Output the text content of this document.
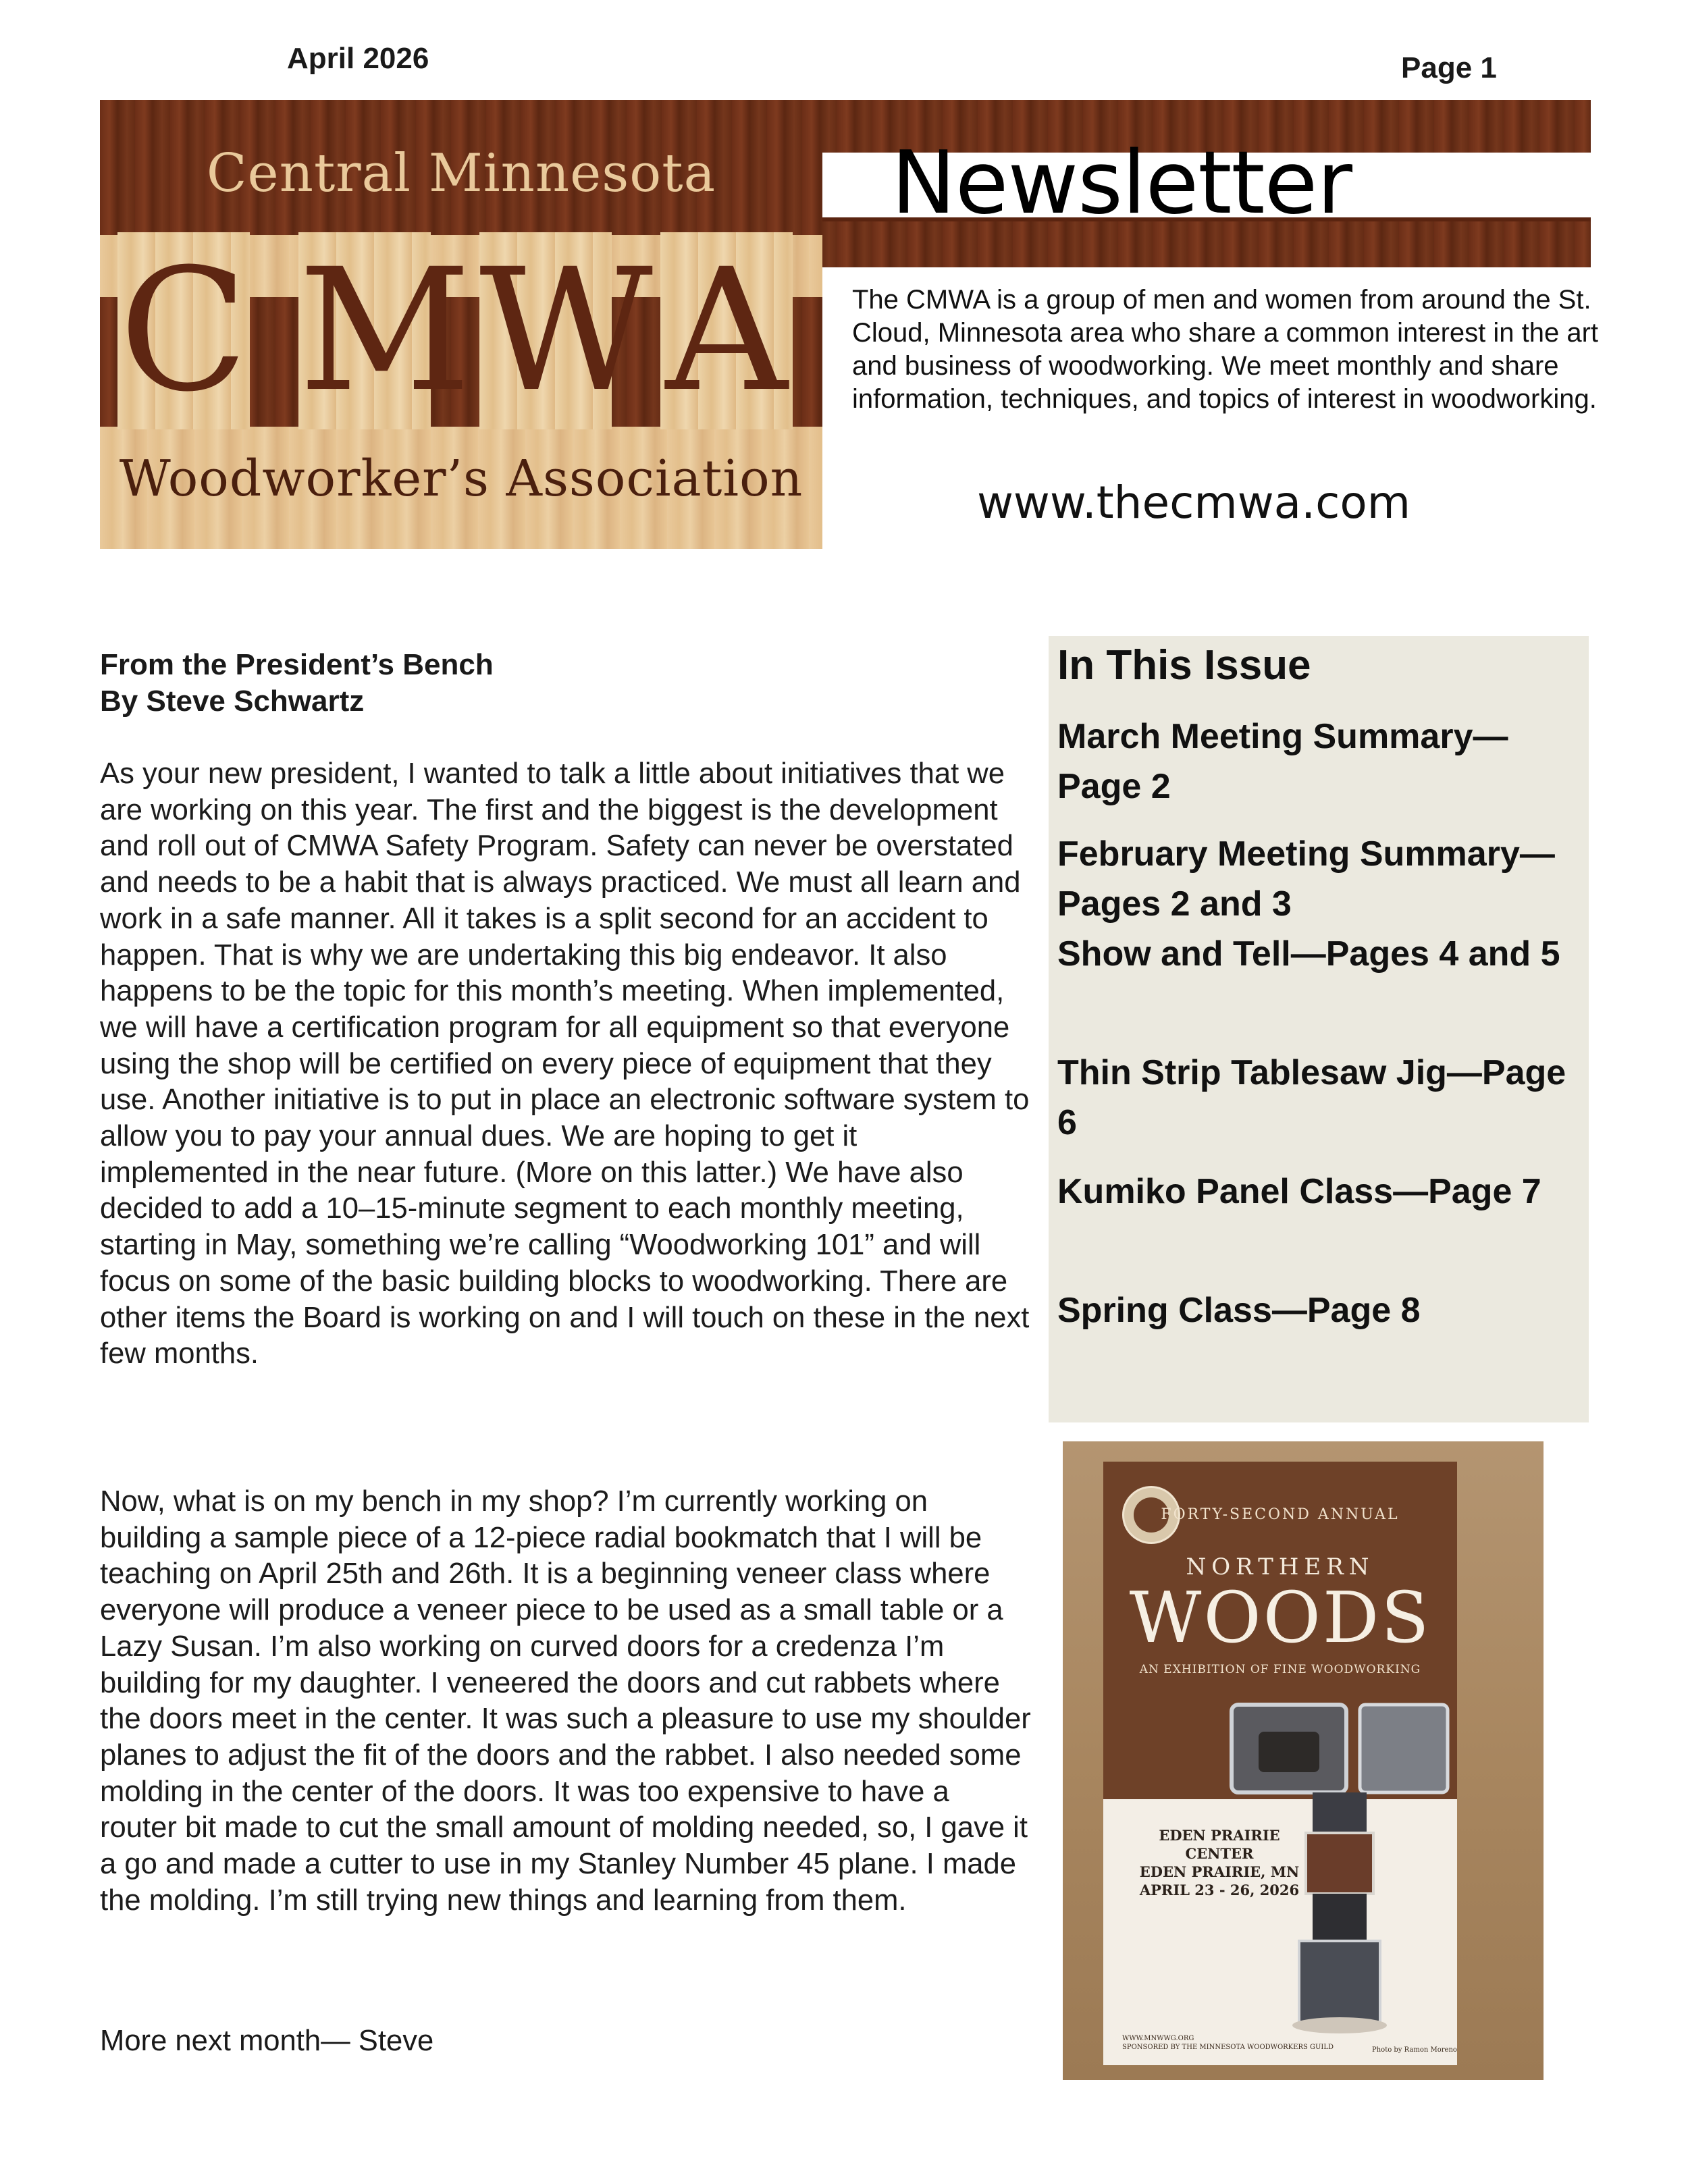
April 2026	Page 1
Newsletter
C M W A
Central Minnesota
Woodworker’s Association
The CMWA is a group of men and women from around the St. Cloud, Minnesota area who share a common interest in the art and business of woodworking. We meet monthly and share information, techniques, and topics of interest in woodworking.
www.thecmwa.com
From the President’s Bench
By Steve Schwartz
As your new president, I wanted to talk a little about initiatives that we are working on this year. The first and the biggest is the development and roll out of CMWA Safety Program. Safety can never be overstated and needs to be a habit that is always practiced. We must all learn and work in a safe manner. All it takes is a split second for an accident to happen. That is why we are undertaking this big endeavor. It also happens to be the topic for this month’s meeting. When implemented, we will have a certification program for all equipment so that everyone using the shop will be certified on every piece of equipment that they use. Another initiative is to put in place an electronic software system to allow you to pay your annual dues. We are hoping to get it implemented in the near future. (More on this latter.) We have also decided to add a 10–15-minute segment to each monthly meeting, starting in May, something we’re calling “Woodworking 101” and will focus on some of the basic building blocks to woodworking. There are other items the Board is working on and I will touch on these in the next few months.
Now, what is on my bench in my shop? I’m currently working on building a sample piece of a 12-piece radial bookmatch that I will be teaching on April 25th and 26th. It is a beginning veneer class where everyone will produce a veneer piece to be used as a small table or a Lazy Susan. I’m also working on curved doors for a credenza I’m building for my daughter. I veneered the doors and cut rabbets where the doors meet in the center. It was such a pleasure to use my shoulder planes to adjust the fit of the doors and the rabbet. I also needed some molding in the center of the doors. It was too expensive to have a router bit made to cut the small amount of molding needed, so, I gave it a go and made a cutter to use in my Stanley Number 45 plane. I made the molding. I’m still trying new things and learning from them.
More next month— Steve
In This Issue
March Meeting Summary—Page 2
February Meeting Summary—Pages 2 and 3
Show and Tell—Pages 4 and 5
Thin Strip Tablesaw Jig—Page 6
Kumiko Panel Class—Page 7
Spring Class—Page 8
FORTY-SECOND ANNUAL
NORTHERN
WOODS
AN EXHIBITION OF FINE WOODWORKING
EDEN PRAIRIE
CENTER
EDEN PRAIRIE, MN
APRIL 23 - 26, 2026
WWW.MNWWG.ORG
SPONSORED BY THE MINNESOTA WOODWORKERS GUILD	Photo by Ramon Moreno
